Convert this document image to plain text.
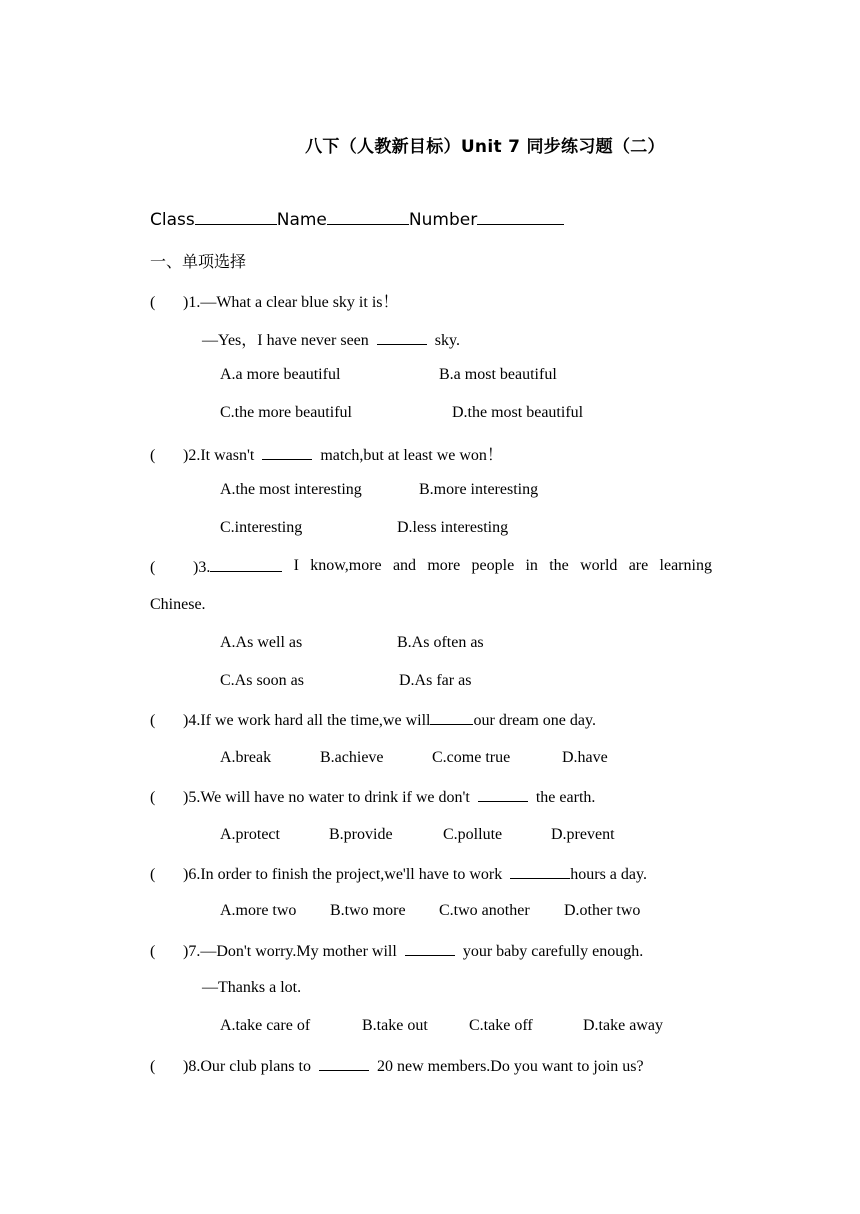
八下（人教新目标）Unit 7 同步练习题（二）
Class	Name	Number
一、单项选择
( )1.—What a clear blue sky it is！
—Yes，I have never seen	sky.
A.a more beautiful	B.a most beautiful
C.the more beautiful	D.the most beautiful
( )2.It wasn't	match,but at least we won！
A.the most interesting	B.more interesting
C.interesting	D.less interesting
( )3.	I know,more and more people in the world are learning
Chinese.
A.As well as	B.As often as
C.As soon as	D.As far as
( )4.If we work hard all the time,we will	our dream one day.
A.break	B.achieve	C.come true	D.have
( )5.We will have no water to drink if we don't	the earth.
A.protect	B.provide	C.pollute	D.prevent
( )6.In order to finish the project,we'll have to work	hours a day.
A.more two B.two more C.two another D.other two
( )7.—Don't worry.My mother will	your baby carefully enough.
—Thanks a lot.
A.take care of	B.take out	C.take off	D.take away
( )8.Our club plans to	20 new members.Do you want to join us?
